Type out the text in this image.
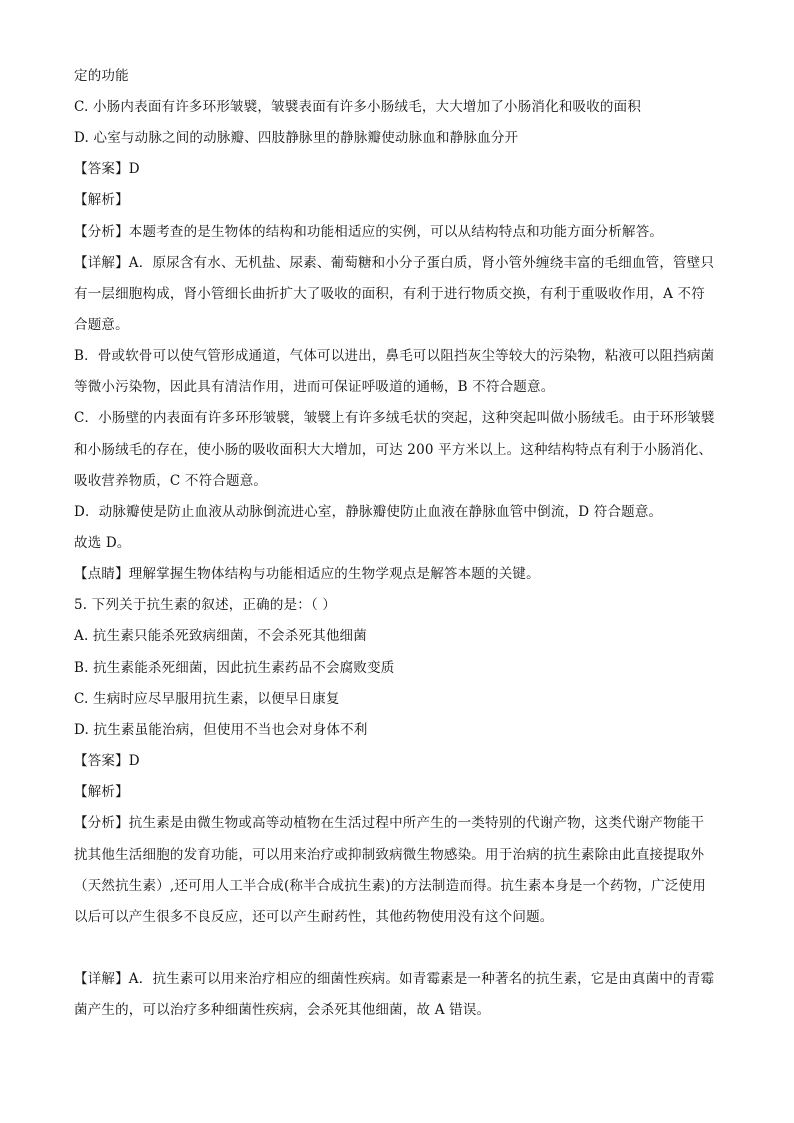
定的功能
C. 小肠内表面有许多环形皱襞，皱襞表面有许多小肠绒毛，大大增加了小肠消化和吸收的面积
D. 心室与动脉之间的动脉瓣、四肢静脉里的静脉瓣使动脉血和静脉血分开
【答案】D
【解析】
【分析】本题考查的是生物体的结构和功能相适应的实例，可以从结构特点和功能方面分析解答。
【详解】A．原尿含有水、无机盐、尿素、葡萄糖和小分子蛋白质，肾小管外缠绕丰富的毛细血管，管壁只
有一层细胞构成，肾小管细长曲折扩大了吸收的面积，有利于进行物质交换，有利于重吸收作用，A 不符
合题意。
B．骨或软骨可以使气管形成通道，气体可以进出，鼻毛可以阻挡灰尘等较大的污染物，粘液可以阻挡病菌
等微小污染物，因此具有清洁作用，进而可保证呼吸道的通畅，B 不符合题意。
C．小肠壁的内表面有许多环形皱襞，皱襞上有许多绒毛状的突起，这种突起叫做小肠绒毛。由于环形皱襞
和小肠绒毛的存在，使小肠的吸收面积大大增加，可达 200 平方米以上。这种结构特点有利于小肠消化、
吸收营养物质，C 不符合题意。
D．动脉瓣使是防止血液从动脉倒流进心室，静脉瓣使防止血液在静脉血管中倒流，D 符合题意。
故选 D。
【点睛】理解掌握生物体结构与功能相适应的生物学观点是解答本题的关键。
5. 下列关于抗生素的叙述，正确的是：（ ）
A. 抗生素只能杀死致病细菌，不会杀死其他细菌
B. 抗生素能杀死细菌，因此抗生素药品不会腐败变质
C. 生病时应尽早服用抗生素，以便早日康复
D. 抗生素虽能治病，但使用不当也会对身体不利
【答案】D
【解析】
【分析】抗生素是由微生物或高等动植物在生活过程中所产生的一类特别的代谢产物，这类代谢产物能干
扰其他生活细胞的发育功能，可以用来治疗或抑制致病微生物感染。用于治病的抗生素除由此直接提取外
（天然抗生素）,还可用人工半合成(称半合成抗生素)的方法制造而得。抗生素本身是一个药物，广泛使用
以后可以产生很多不良反应，还可以产生耐药性，其他药物使用没有这个问题。
【详解】A．抗生素可以用来治疗相应的细菌性疾病。如青霉素是一种著名的抗生素，它是由真菌中的青霉
菌产生的，可以治疗多种细菌性疾病，会杀死其他细菌，故 A 错误。
